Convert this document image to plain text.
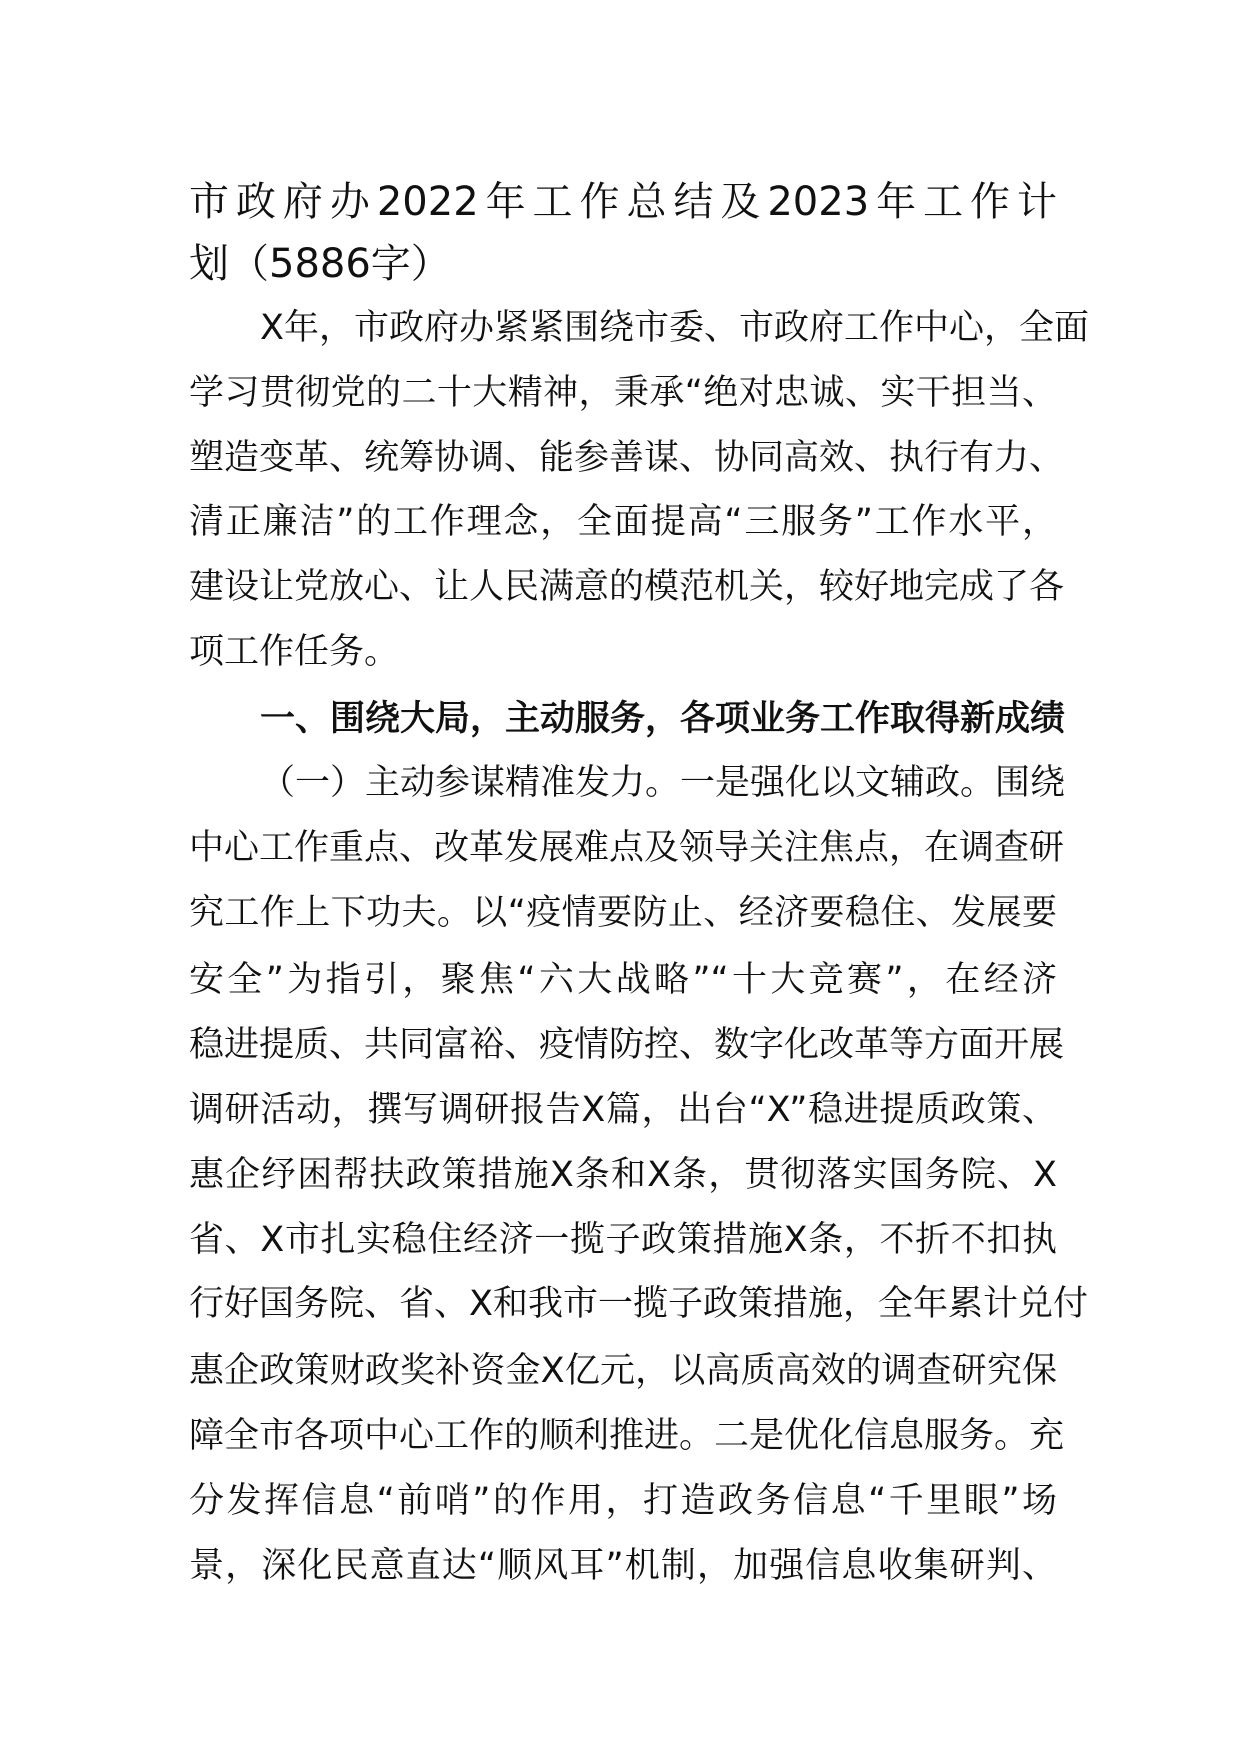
市政府办2022年工作总结及2023年工作计
划（5886字）
X年，市政府办紧紧围绕市委、市政府工作中心，全面
学习贯彻党的二十大精神，秉承“绝对忠诚、实干担当、
塑造变革、统筹协调、能参善谋、协同高效、执行有力、
清正廉洁”的工作理念，全面提高“三服务”工作水平，
建设让党放心、让人民满意的模范机关，较好地完成了各
项工作任务。
一、围绕大局，主动服务，各项业务工作取得新成绩
（一）主动参谋精准发力。一是强化以文辅政。围绕
中心工作重点、改革发展难点及领导关注焦点，在调查研
究工作上下功夫。以“疫情要防止、经济要稳住、发展要
安全”为指引，聚焦“六大战略”“十大竞赛”，在经济
稳进提质、共同富裕、疫情防控、数字化改革等方面开展
调研活动，撰写调研报告X篇，出台“X”稳进提质政策、
惠企纾困帮扶政策措施X条和X条，贯彻落实国务院、X
省、X市扎实稳住经济一揽子政策措施X条，不折不扣执
行好国务院、省、X和我市一揽子政策措施，全年累计兑付
惠企政策财政奖补资金X亿元，以高质高效的调查研究保
障全市各项中心工作的顺利推进。二是优化信息服务。充
分发挥信息“前哨”的作用，打造政务信息“千里眼”场
景，深化民意直达“顺风耳”机制，加强信息收集研判、
